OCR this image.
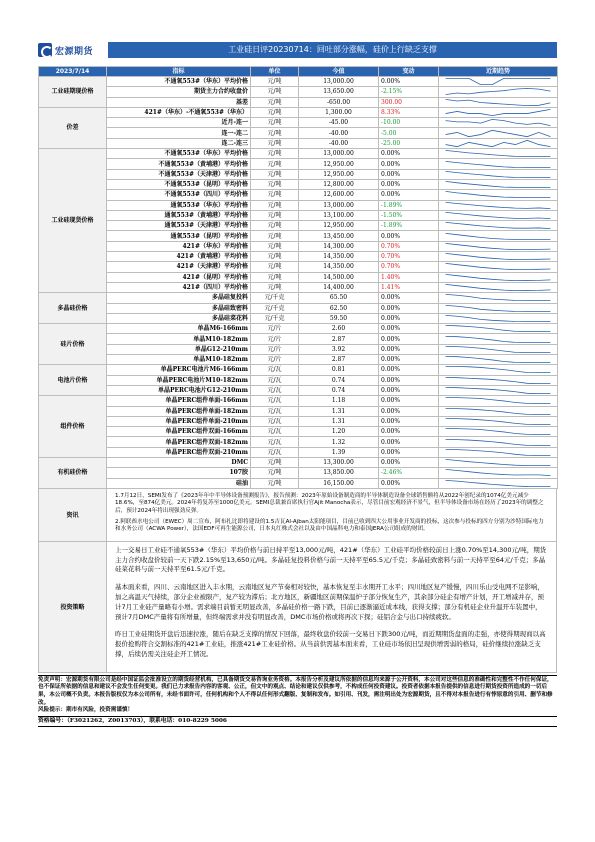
宏源期货	工业硅日评20230714：回吐部分涨幅，硅价上行缺乏支撑
2023/7/14	指标	单位	今值	变动	近期趋势
工业硅期现价格	不通氧553#（华东）平均价格	元/吨	13,000.00	0.00%	

	期货主力合约收盘价	元/吨	13,650.00	-2.15%	

	基差	元/吨	-650.00	300.00	

价差	421#（华东）-不通氧553#（华东）	元/吨	1,300.00	8.33%	

	近月-连一	元/吨	-45.00	-10.00	

	连一-连二	元/吨	-40.00	-5.00	

	连二-连三	元/吨	-40.00	-25.00	

工业硅现货价格	不通氧553#（华东）平均价格	元/吨	13,000.00	0.00%	

	不通氧553#（黄埔港）平均价格	元/吨	12,950.00	0.00%	

	不通氧553#（天津港）平均价格	元/吨	12,950.00	0.00%	

	不通氧553#（昆明）平均价格	元/吨	12,800.00	0.00%	

	不通氧553#（四川）平均价格	元/吨	12,600.00	0.00%	

	通氧553#（华东）平均价格	元/吨	13,000.00	-1.89%	

	通氧553#（黄埔港）平均价格	元/吨	13,100.00	-1.50%	

	通氧553#（天津港）平均价格	元/吨	12,950.00	-1.89%	

	通氧553#（昆明）平均价格	元/吨	13,450.00	0.00%	

	421#（华东）平均价格	元/吨	14,300.00	0.70%	

	421#（黄埔港）平均价格	元/吨	14,350.00	0.70%	

	421#（天津港）平均价格	元/吨	14,350.00	0.70%	

	421#（昆明）平均价格	元/吨	14,500.00	1.40%	

	421#（四川）平均价格	元/吨	14,400.00	1.41%	

多晶硅价格	多晶硅复投料	元/千克	65.50	0.00%	

	多晶硅致密料	元/千克	62.50	0.00%	

	多晶硅菜花料	元/千克	59.50	0.00%	

硅片价格	单晶M6-166mm	元/片	2.60	0.00%	

	单晶M10-182mm	元/片	2.87	0.00%	

	单晶G12-210mm	元/片	3.92	0.00%	

	单晶M10-182mm	元/片	2.87	0.00%	

电池片价格	单晶PERC电池片M6-166mm	元/瓦	0.81	0.00%	

	单晶PERC电池片M10-182mm	元/瓦	0.74	0.00%	

	单晶PERC电池片G12-210mm	元/瓦	0.74	0.00%	

组件价格	单晶PERC组件单面-166mm	元/瓦	1.18	0.00%	

	单晶PERC组件单面-182mm	元/瓦	1.31	0.00%	

	单晶PERC组件单面-210mm	元/瓦	1.31	0.00%	

	单晶PERC组件双面-166mm	元/瓦	1.20	0.00%	

	单晶PERC组件双面-182mm	元/瓦	1.32	0.00%	

	单晶PERC组件双面-210mm	元/瓦	1.39	0.00%	

有机硅价格	DMC	元/吨	13,300.00	0.00%	

	107胶	元/吨	13,850.00	-2.46%	

	硅油	元/吨	16,150.00	0.00%	
资讯

1.7月12日，SEMI发布了《2023年年中半导体设备预测报告》，报告预测：2023年原始设备制造商的半导体制造设备全球销售额将从2022年创纪录的1074亿美元减少18.6%，至874亿美元。2024年将复苏至1000亿美元。SEMI总裁兼首席执行官Ajit Manocha表示，尽管目前宏观经济不景气，但半导体设备市场在经历了2023年的调整之后，预计2024年将出现强劲反弹。

2.阿联酋水电公司（EWEC）周二宣布，阿布扎比即将建设的1.5吉瓦Al-Ajban太阳能项目，目前已收到四大公用事业开发商的投标，这次参与投标的四方分别为沙特国际电力和水务公司（ACWA Power），法国EDF可再生能源公司，日本丸红株式会社以及由中国晶科电力和泰国JERA公司组成的财团。

投资策略

上一交易日工业硅不通氧553#（华东）平均价格与前日持平至13,000元/吨，421#（华东）工业硅平均价格较前日上涨0.70%至14,300元/吨，期货主力合约收盘价较前一天下跌2.15%至13,650元/吨。多晶硅复投料价格与前一天持平至65.5元/千克；多晶硅致密料与前一天持平至64元/千克；多晶硅菜花料与前一天持平至61.5元/千克。

基本面来看，四川、云南地区进入丰水期，云南地区复产节奏相对较快，基本恢复至丰水期开工水平；四川地区复产缓慢，四川乐山受电网不足影响，加之高温天气持续，部分企业被限产，复产较为滞后；北方地区，新疆地区前期保温炉子部分恢复生产，其余部分硅企有增产计划，开工增减并存，预计7月工业硅产量略有小增。需求端目前暂无明显改善，多晶硅价格一路下跌，目前已逐渐逼近成本线，获得支撑；部分有机硅企业升温开车装置中，预计7月DMC产量将有所增量，但终端需求并没有明显改善，DMC市场价格或将再次下探；硅铝合金与出口持续疲软。

昨日工业硅期货开盘后迅速拉涨，随后在缺乏支撑的情况下回落，最终收盘价较前一交易日下跌300元/吨，而近期期货盘面的走强，亦使得期现商以高报价抢购符合交割标准的421#工业硅，推涨421#工业硅价格。从当前供需基本面来看，工业硅市场依旧呈现供增需弱的格局，硅价继续拉涨缺乏支撑，后续仍需关注硅企开工情况。

免责声明：宏源期货有限公司是经中国证监会批准设立的期货经营机构，已具备期货交易咨询业务资格。本报告分析及建议所依据的信息均来源于公开资料，本公司对这些信息的准确性和完整性不作任何保证，也不保证所依据的信息和建议不会发生任何变更。我们已力求报告内容的客观、公正，但文中的观点、结论和建议仅供参考，不构成任何投资建议。投资者依据本报告提供的信息进行期货投资所造成的一切后果，本公司概不负责。本报告版权仅为本公司所有，未经书面许可，任何机构和个人不得以任何形式翻版、复制和发布。如引用、刊发，需注明出处为宏源期货，且不得对本报告进行有悖原意的引用、删节和修改。

风险提示：期市有风险，投资需谨慎！

资格编号：（F3021262，Z0013703），联系电话：010-8229 5006
